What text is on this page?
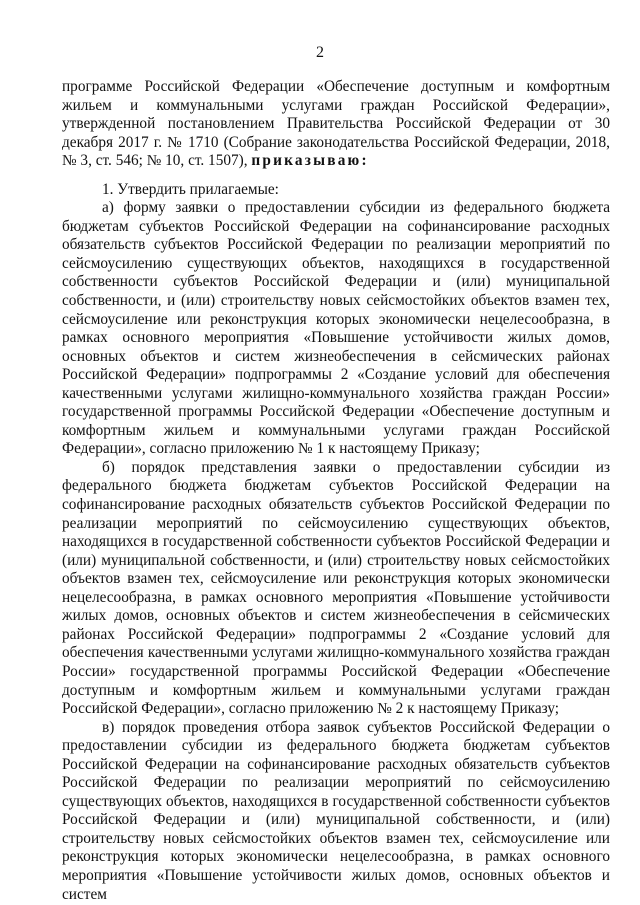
2

программе Российской Федерации «Обеспечение доступным и комфортным жильем и коммунальными услугами граждан Российской Федерации», утвержденной постановлением Правительства Российской Федерации от 30 декабря 2017 г. № 1710 (Собрание законодательства Российской Федерации, 2018, № 3, ст. 546; № 10, ст. 1507), приказываю:

1. Утвердить прилагаемые:

а) форму заявки о предоставлении субсидии из федерального бюджета бюджетам субъектов Российской Федерации на софинансирование расходных обязательств субъектов Российской Федерации по реализации мероприятий по сейсмоусилению существующих объектов, находящихся в государственной собственности субъектов Российской Федерации и (или) муниципальной собственности, и (или) строительству новых сейсмостойких объектов взамен тех, сейсмоусиление или реконструкция которых экономически нецелесообразна, в рамках основного мероприятия «Повышение устойчивости жилых домов, основных объектов и систем жизнеобеспечения в сейсмических районах Российской Федерации» подпрограммы 2 «Создание условий для обеспечения качественными услугами жилищно-коммунального хозяйства граждан России» государственной программы Российской Федерации «Обеспечение доступным и комфортным жильем и коммунальными услугами граждан Российской Федерации», согласно приложению № 1 к настоящему Приказу;

б) порядок представления заявки о предоставлении субсидии из федерального бюджета бюджетам субъектов Российской Федерации на софинансирование расходных обязательств субъектов Российской Федерации по реализации мероприятий по сейсмоусилению существующих объектов, находящихся в государственной собственности субъектов Российской Федерации и (или) муниципальной собственности, и (или) строительству новых сейсмостойких объектов взамен тех, сейсмоусиление или реконструкция которых экономически нецелесообразна, в рамках основного мероприятия «Повышение устойчивости жилых домов, основных объектов и систем жизнеобеспечения в сейсмических районах Российской Федерации» подпрограммы 2 «Создание условий для обеспечения качественными услугами жилищно-коммунального хозяйства граждан России» государственной программы Российской Федерации «Обеспечение доступным и комфортным жильем и коммунальными услугами граждан Российской Федерации», согласно приложению № 2 к настоящему Приказу;

в) порядок проведения отбора заявок субъектов Российской Федерации о предоставлении субсидии из федерального бюджета бюджетам субъектов Российской Федерации на софинансирование расходных обязательств субъектов Российской Федерации по реализации мероприятий по сейсмоусилению существующих объектов, находящихся в государственной собственности субъектов Российской Федерации и (или) муниципальной собственности, и (или) строительству новых сейсмостойких объектов взамен тех, сейсмоусиление или реконструкция которых экономически нецелесообразна, в рамках основного мероприятия «Повышение устойчивости жилых домов, основных объектов и систем
